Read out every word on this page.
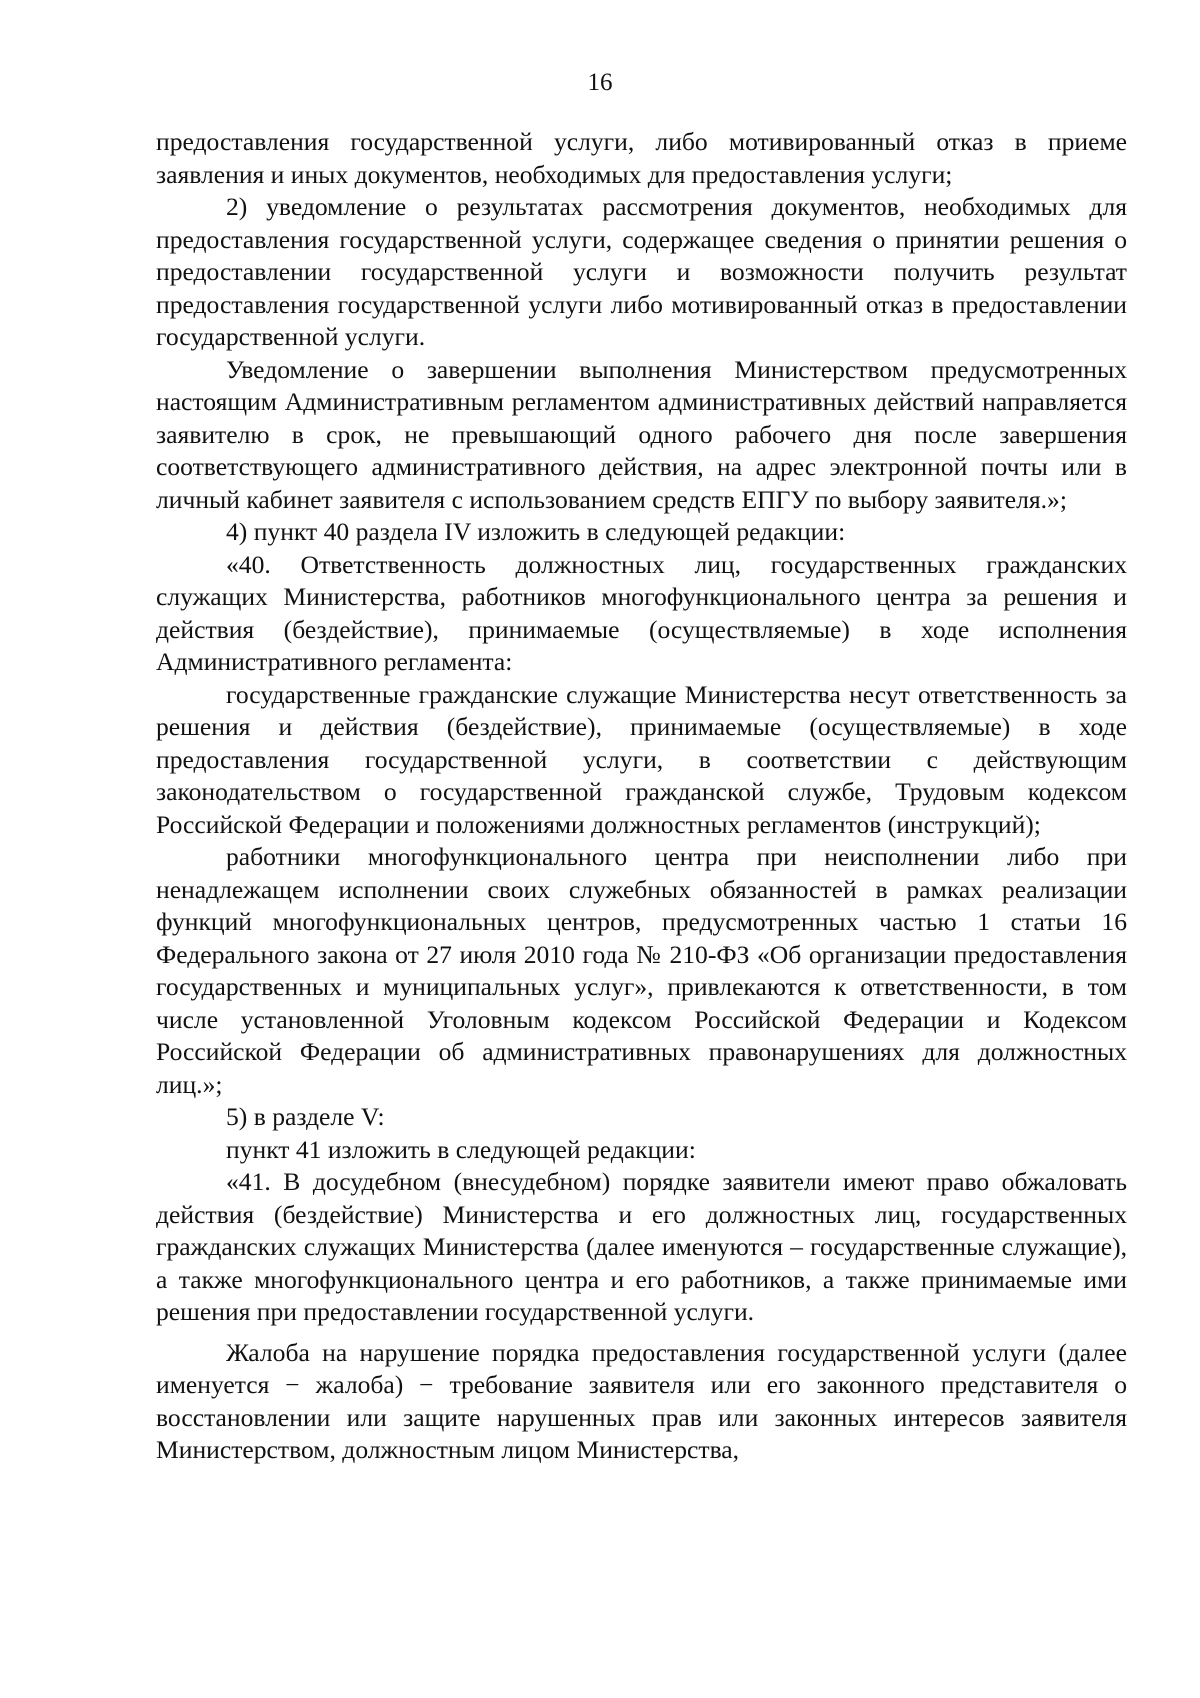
16

предоставления государственной услуги, либо мотивированный отказ в приеме заявления и иных документов, необходимых для предоставления услуги;

2) уведомление о результатах рассмотрения документов, необходимых для предоставления государственной услуги, содержащее сведения о принятии решения о предоставлении государственной услуги и возможности получить результат предоставления государственной услуги либо мотивированный отказ в предоставлении государственной услуги.

Уведомление о завершении выполнения Министерством предусмотренных настоящим Административным регламентом административных действий направляется заявителю в срок, не превышающий одного рабочего дня после завершения соответствующего административного действия, на адрес электронной почты или в личный кабинет заявителя с использованием средств ЕПГУ по выбору заявителя.»;

4) пункт 40 раздела IV изложить в следующей редакции:

«40. Ответственность должностных лиц, государственных гражданских служащих Министерства, работников многофункционального центра за решения и действия (бездействие), принимаемые (осуществляемые) в ходе исполнения Административного регламента:

государственные гражданские служащие Министерства несут ответственность за решения и действия (бездействие), принимаемые (осуществляемые) в ходе предоставления государственной услуги, в соответствии с действующим законодательством о государственной гражданской службе, Трудовым кодексом Российской Федерации и положениями должностных регламентов (инструкций);

работники многофункционального центра при неисполнении либо при ненадлежащем исполнении своих служебных обязанностей в рамках реализации функций многофункциональных центров, предусмотренных частью 1 статьи 16 Федерального закона от 27 июля 2010 года № 210-ФЗ «Об организации предоставления государственных и муниципальных услуг», привлекаются к ответственности, в том числе установленной Уголовным кодексом Российской Федерации и Кодексом Российской Федерации об административных правонарушениях для должностных лиц.»;

5) в разделе V:

пункт 41 изложить в следующей редакции:

«41. В досудебном (внесудебном) порядке заявители имеют право обжаловать действия (бездействие) Министерства и его должностных лиц, государственных гражданских служащих Министерства (далее именуются – государственные служащие), а также многофункционального центра и его работников, а также принимаемые ими решения при предоставлении государственной услуги.

Жалоба на нарушение порядка предоставления государственной услуги (далее именуется − жалоба) − требование заявителя или его законного представителя о восстановлении или защите нарушенных прав или законных интересов заявителя Министерством, должностным лицом Министерства,
